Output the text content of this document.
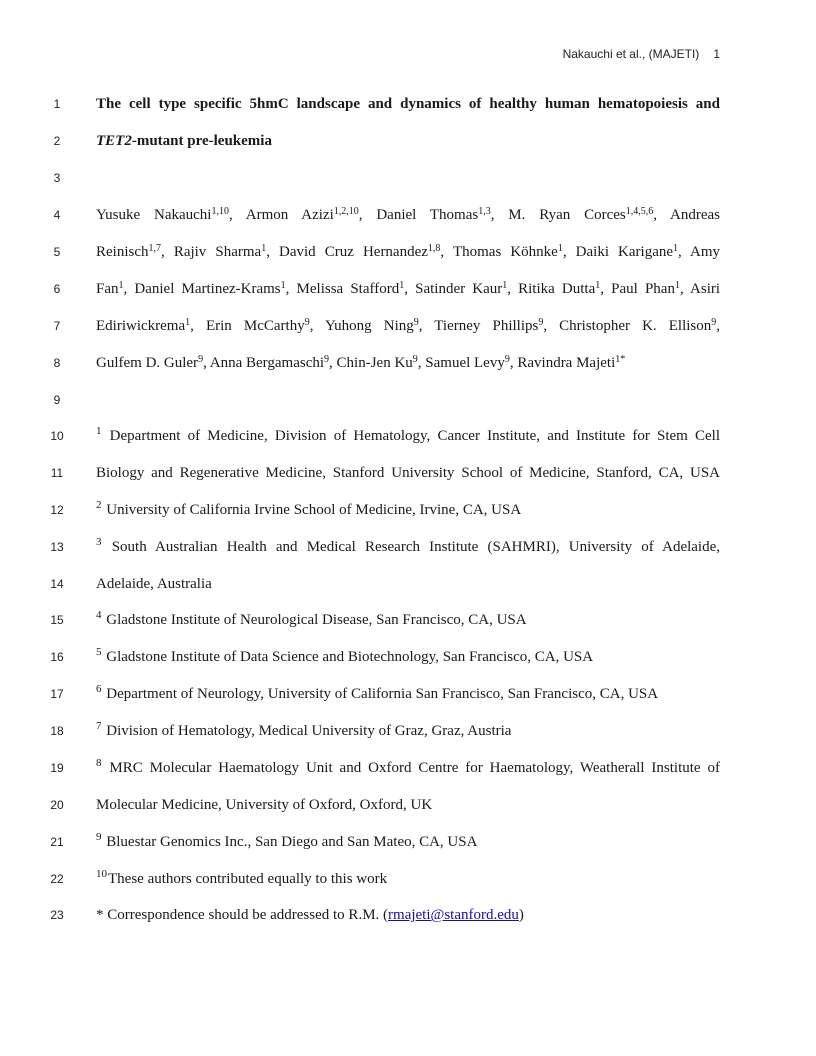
Nakauchi et al., (MAJETI) 1
1
2
3
4
5
6
7
8
9
10
11
12
13
14
15
16
17
18
19
20
21
22
23
The cell type specific 5hmC landscape and dynamics of healthy human hematopoiesis and
TET2-mutant pre-leukemia
Yusuke Nakauchi$^{1,10}$, Armon Azizi$^{1,2,10}$, Daniel Thomas$^{1,3}$, M. Ryan Corces$^{1,4,5,6}$, Andreas
Reinisch$^{1,7}$, Rajiv Sharma$^1$, David Cruz Hernandez$^{1,8}$, Thomas Köhnke$^1$, Daiki Karigane$^1$, Amy
Fan$^1$, Daniel Martinez-Krams$^1$, Melissa Stafford$^1$, Satinder Kaur$^1$, Ritika Dutta$^1$, Paul Phan$^1$, Asiri
Ediriwickrema$^1$, Erin McCarthy$^9$, Yuhong Ning$^9$, Tierney Phillips$^9$, Christopher K. Ellison$^9$,
Gulfem D. Guler$^9$, Anna Bergamaschi$^9$, Chin-Jen Ku$^9$, Samuel Levy$^9$, Ravindra Majeti$^{1*}$
$^1$ Department of Medicine, Division of Hematology, Cancer Institute, and Institute for Stem Cell
Biology and Regenerative Medicine, Stanford University School of Medicine, Stanford, CA, USA
$^2$ University of California Irvine School of Medicine, Irvine, CA, USA
$^3$ South Australian Health and Medical Research Institute (SAHMRI), University of Adelaide,
Adelaide, Australia
$^4$ Gladstone Institute of Neurological Disease, San Francisco, CA, USA
$^5$ Gladstone Institute of Data Science and Biotechnology, San Francisco, CA, USA
$^6$ Department of Neurology, University of California San Francisco, San Francisco, CA, USA
$^7$ Division of Hematology, Medical University of Graz, Graz, Austria
$^8$ MRC Molecular Haematology Unit and Oxford Centre for Haematology, Weatherall Institute of
Molecular Medicine, University of Oxford, Oxford, UK
$^9$ Bluestar Genomics Inc., San Diego and San Mateo, CA, USA
$^{10}$These authors contributed equally to this work
* Correspondence should be addressed to R.M. (rmajeti@stanford.edu)
